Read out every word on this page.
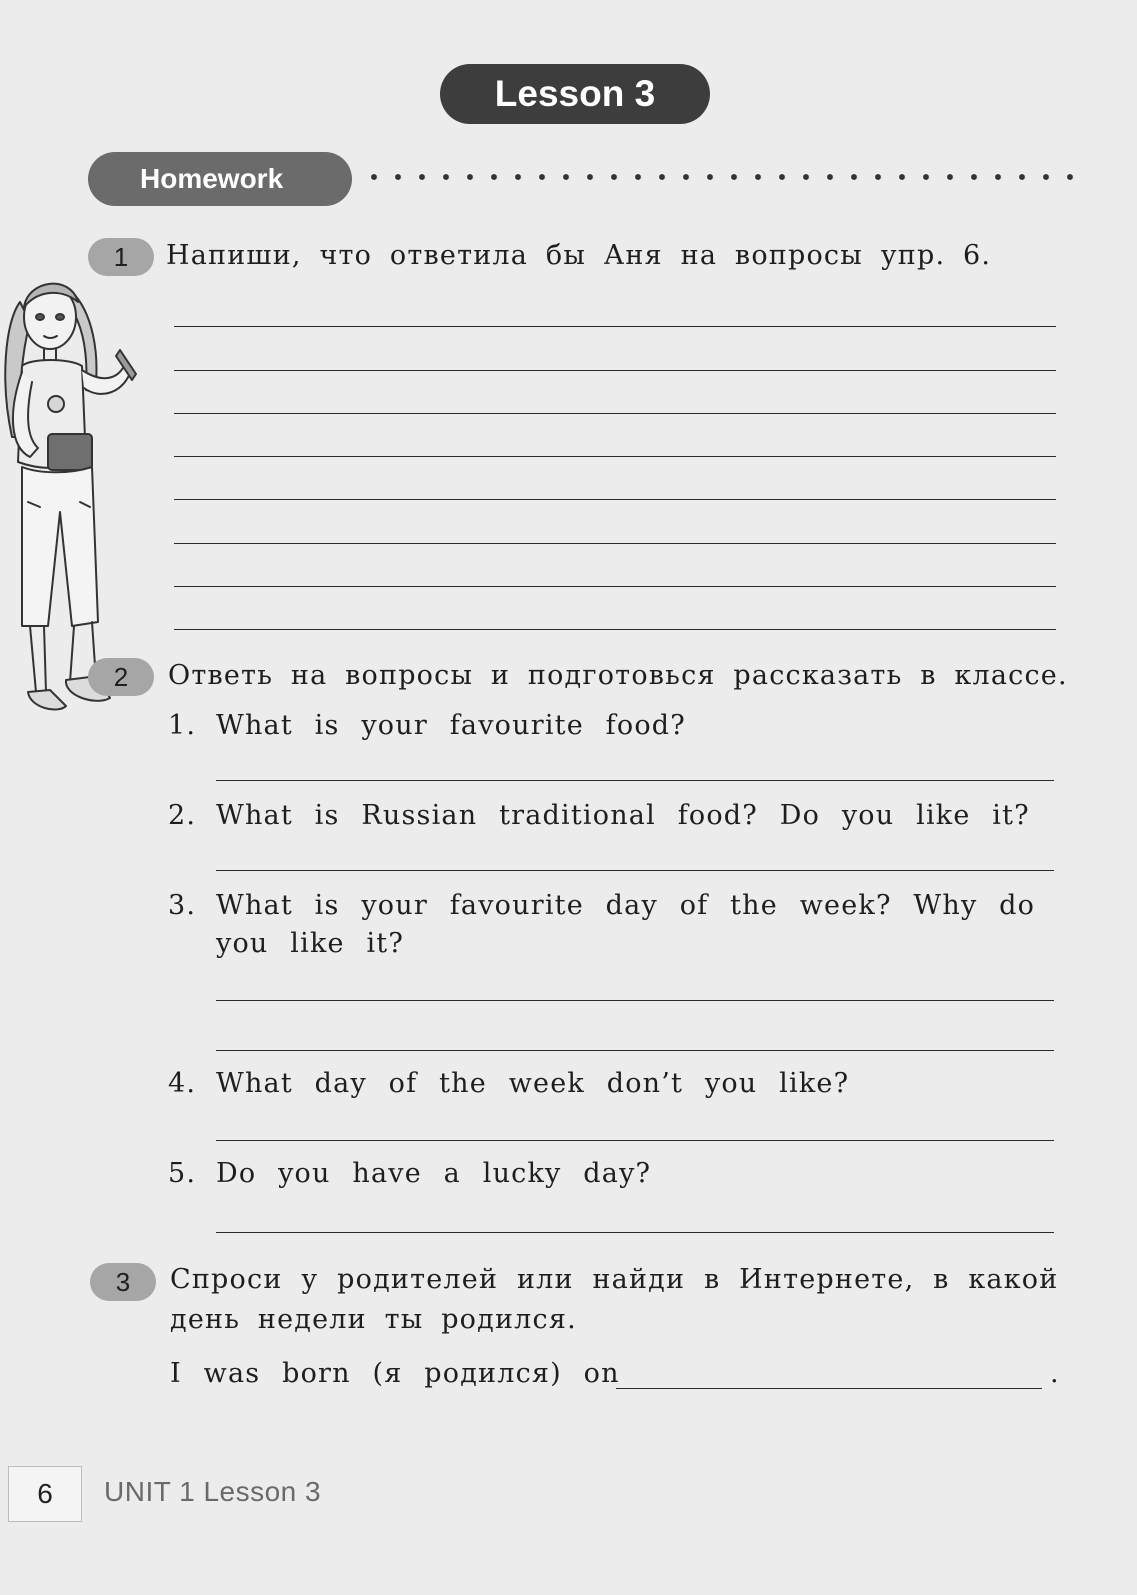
Lesson 3
Homework
1 Напиши, что ответила бы Аня на вопросы упр. 6.
2 Ответь на вопросы и подготовься рассказать в классе.
1. What is your favourite food?
2. What is Russian traditional food? Do you like it?
3. What is your favourite day of the week? Why do
you like it?
4. What day of the week don’t you like?
5. Do you have a lucky day?
3 Спроси у родителей или найди в Интернете, в какой
день недели ты родился.
I was born (я родился) on	.
6 UNIT 1 Lesson 3
